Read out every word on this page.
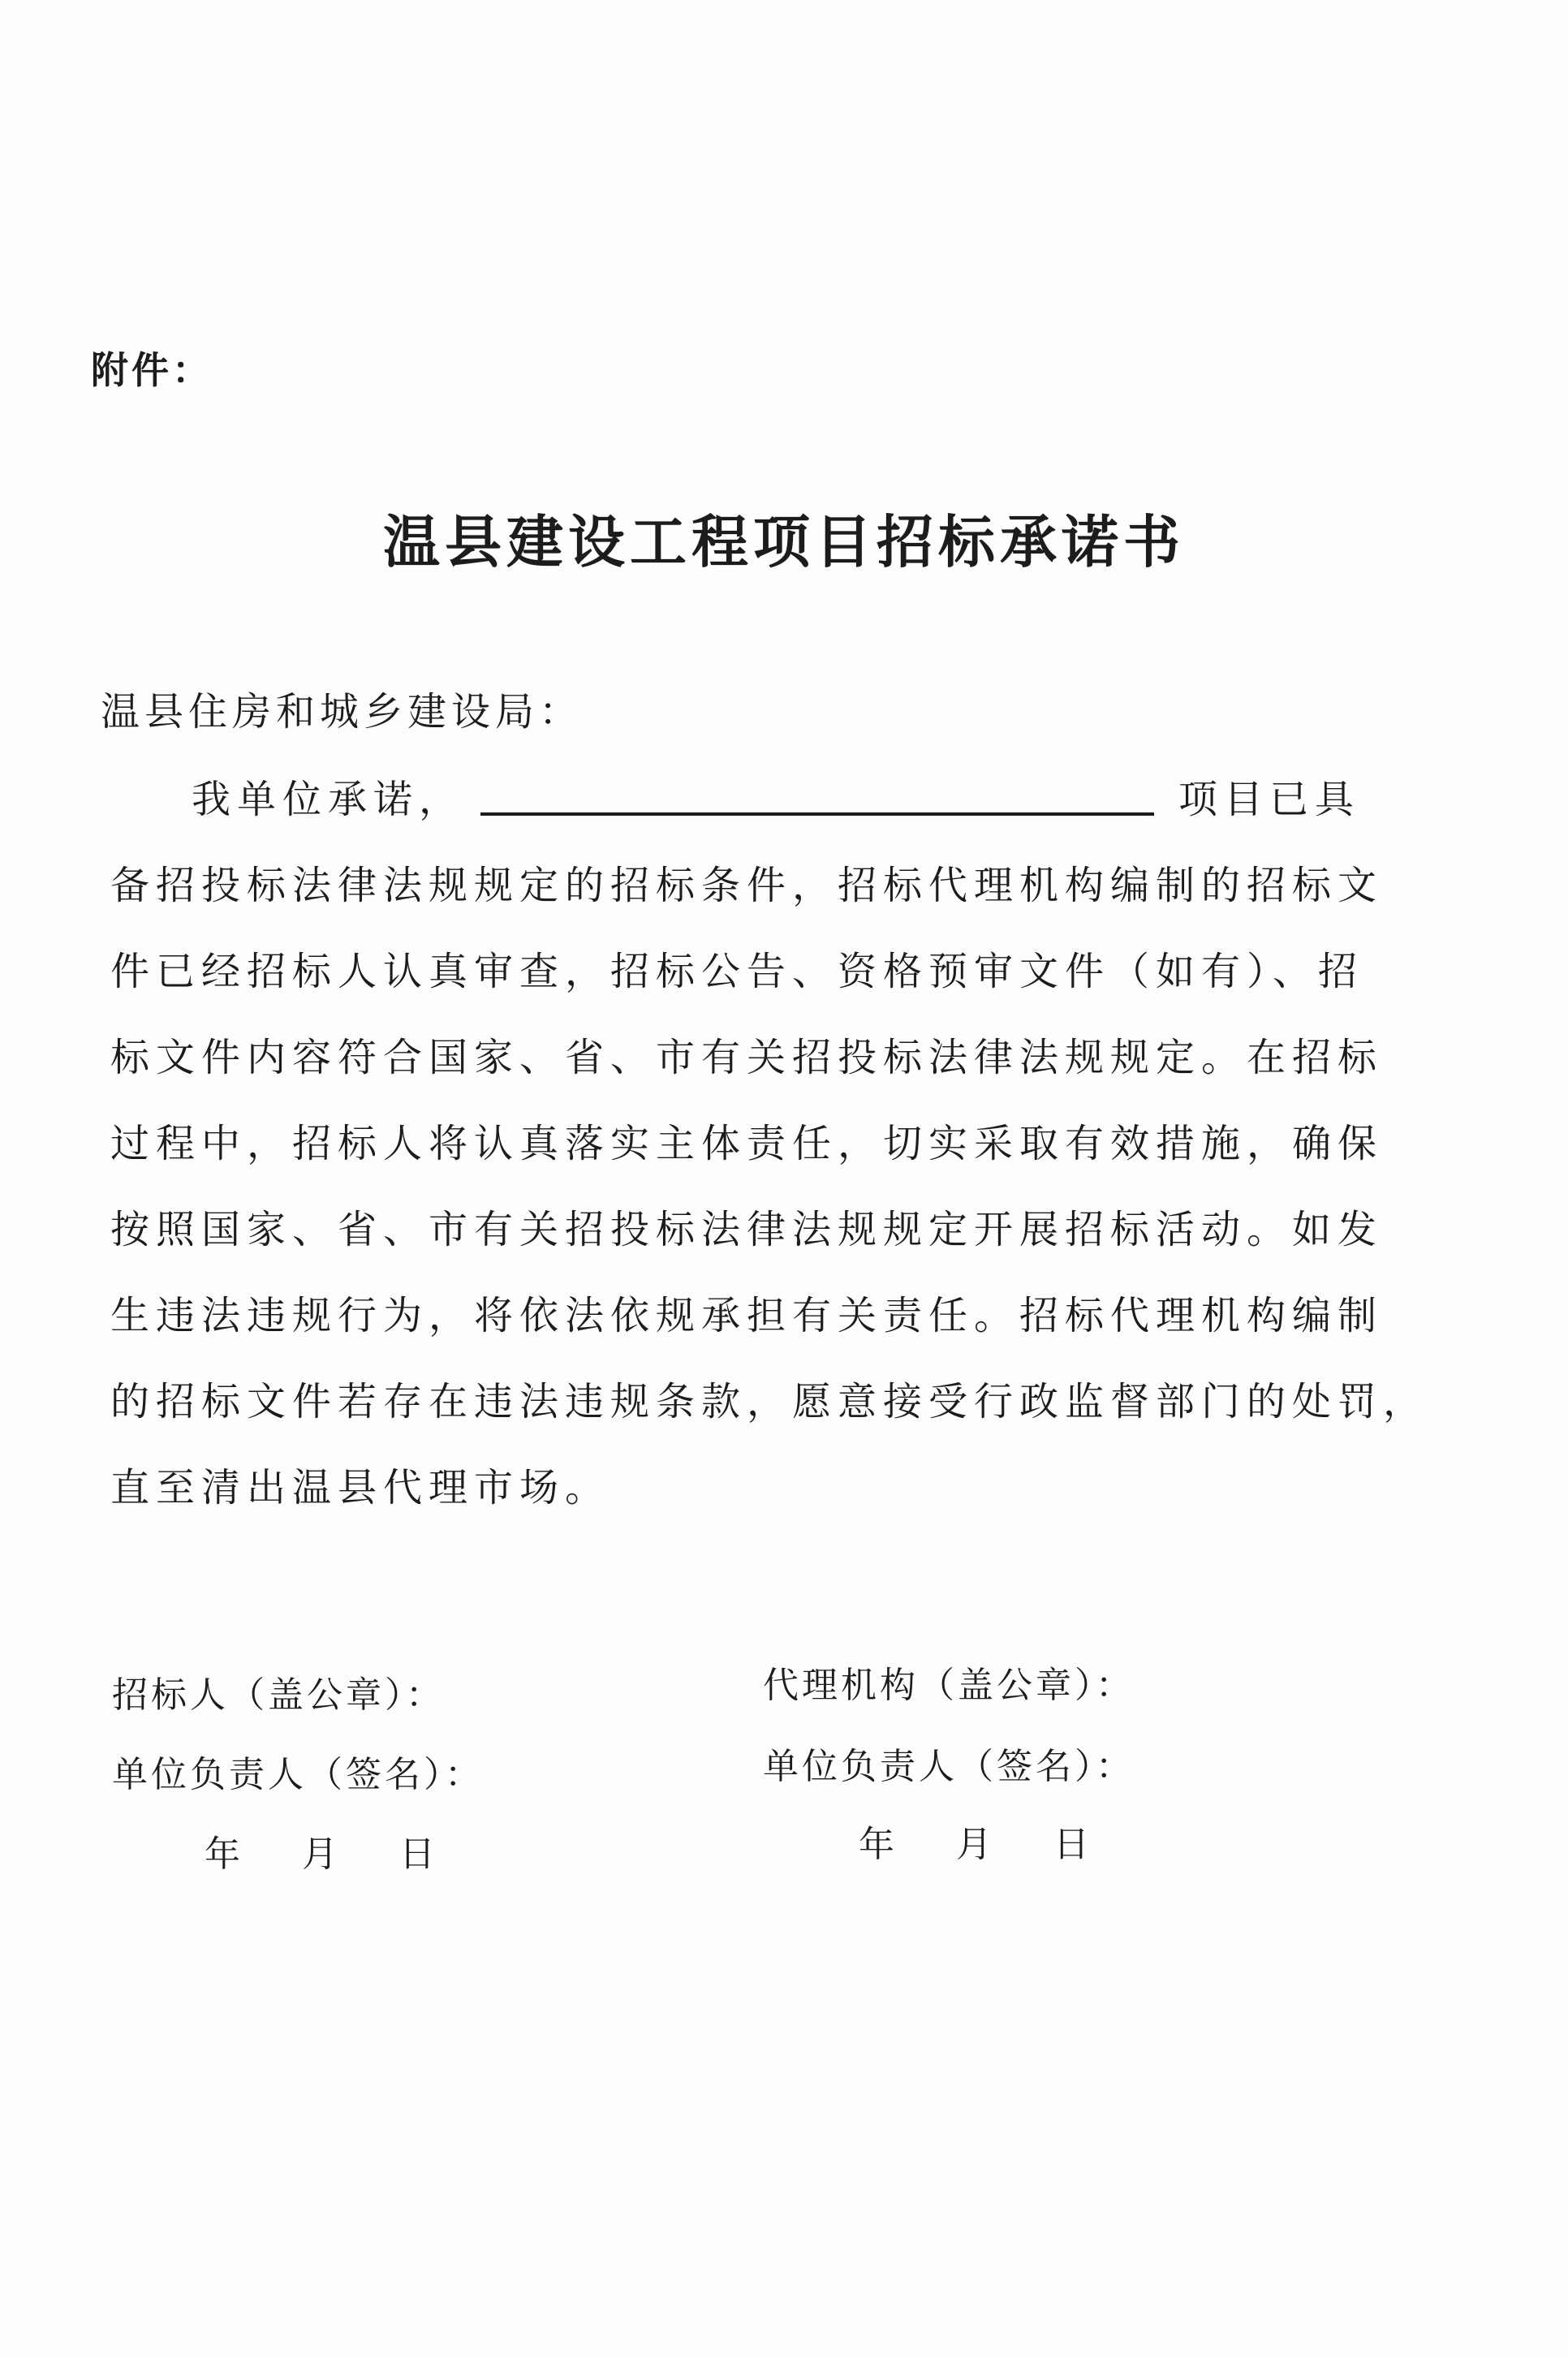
附件：
温县建设工程项目招标承诺书
温县住房和城乡建设局：
我单位承诺，	项目已具
备招投标法律法规规定的招标条件，招标代理机构编制的招标文
件已经招标人认真审查，招标公告、资格预审文件（如有）、招
标文件内容符合国家、省、市有关招投标法律法规规定。在招标
过程中，招标人将认真落实主体责任，切实采取有效措施，确保
按照国家、省、市有关招投标法律法规规定开展招标活动。如发
生违法违规行为，将依法依规承担有关责任。招标代理机构编制
的招标文件若存在违法违规条款，愿意接受行政监督部门的处罚，
直至清出温县代理市场。
招标人（盖公章）：
单位负责人（签名）：
年 月 日
代理机构（盖公章）：
单位负责人（签名）：
年 月 日
